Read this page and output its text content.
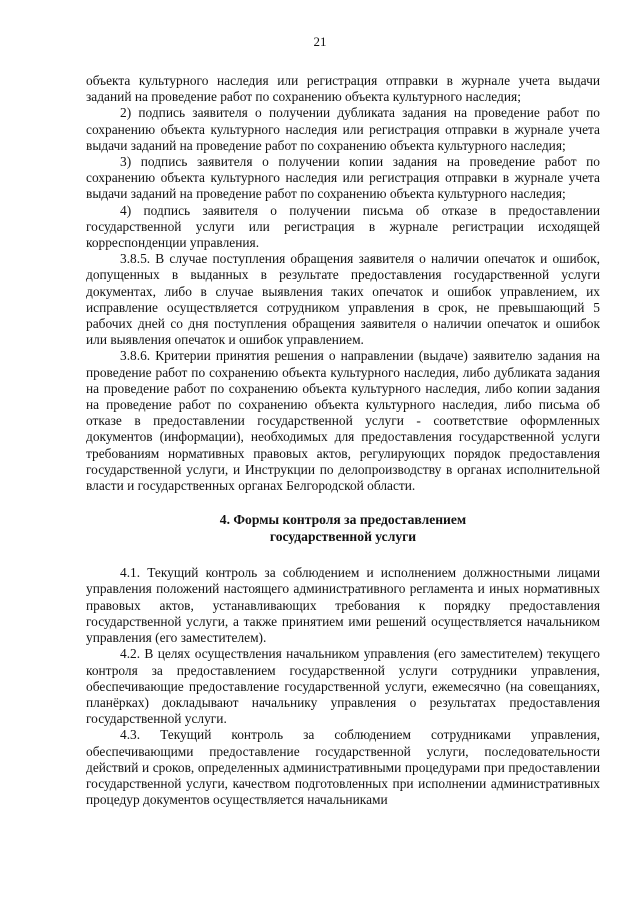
21

объекта культурного наследия или регистрация отправки в журнале учета выдачи заданий на проведение работ по сохранению объекта культурного наследия;

2) подпись заявителя о получении дубликата задания на проведение работ по сохранению объекта культурного наследия или регистрация отправки в журнале учета выдачи заданий на проведение работ по сохранению объекта культурного наследия;

3) подпись заявителя о получении копии задания на проведение работ по сохранению объекта культурного наследия или регистрация отправки в журнале учета выдачи заданий на проведение работ по сохранению объекта культурного наследия;

4) подпись заявителя о получении письма об отказе в предоставлении государственной услуги или регистрация в журнале регистрации исходящей корреспонденции управления.

3.8.5. В случае поступления обращения заявителя о наличии опечаток и ошибок, допущенных в выданных в результате предоставления государственной услуги документах, либо в случае выявления таких опечаток и ошибок управлением, их исправление осуществляется сотрудником управления в срок, не превышающий 5 рабочих дней со дня поступления обращения заявителя о наличии опечаток и ошибок или выявления опечаток и ошибок управлением.

3.8.6. Критерии принятия решения о направлении (выдаче) заявителю задания на проведение работ по сохранению объекта культурного наследия, либо дубликата задания на проведение работ по сохранению объекта культурного наследия, либо копии задания на проведение работ по сохранению объекта культурного наследия, либо письма об отказе в предоставлении государственной услуги - соответствие оформленных документов (информации), необходимых для предоставления государственной услуги требованиям нормативных правовых актов, регулирующих порядок предоставления государственной услуги, и Инструкции по делопроизводству в органах исполнительной власти и государственных органах Белгородской области.

4. Формы контроля за предоставлением

государственной услуги

4.1. Текущий контроль за соблюдением и исполнением должностными лицами управления положений настоящего административного регламента и иных нормативных правовых актов, устанавливающих требования к порядку предоставления государственной услуги, а также принятием ими решений осуществляется начальником управления (его заместителем).

4.2. В целях осуществления начальником управления (его заместителем) текущего контроля за предоставлением государственной услуги сотрудники управления, обеспечивающие предоставление государственной услуги, ежемесячно (на совещаниях, планёрках) докладывают начальнику управления о результатах предоставления государственной услуги.

4.3. Текущий контроль за соблюдением сотрудниками управления, обеспечивающими предоставление государственной услуги, последовательности действий и сроков, определенных административными процедурами при предоставлении государственной услуги, качеством подготовленных при исполнении административных процедур документов осуществляется начальниками
